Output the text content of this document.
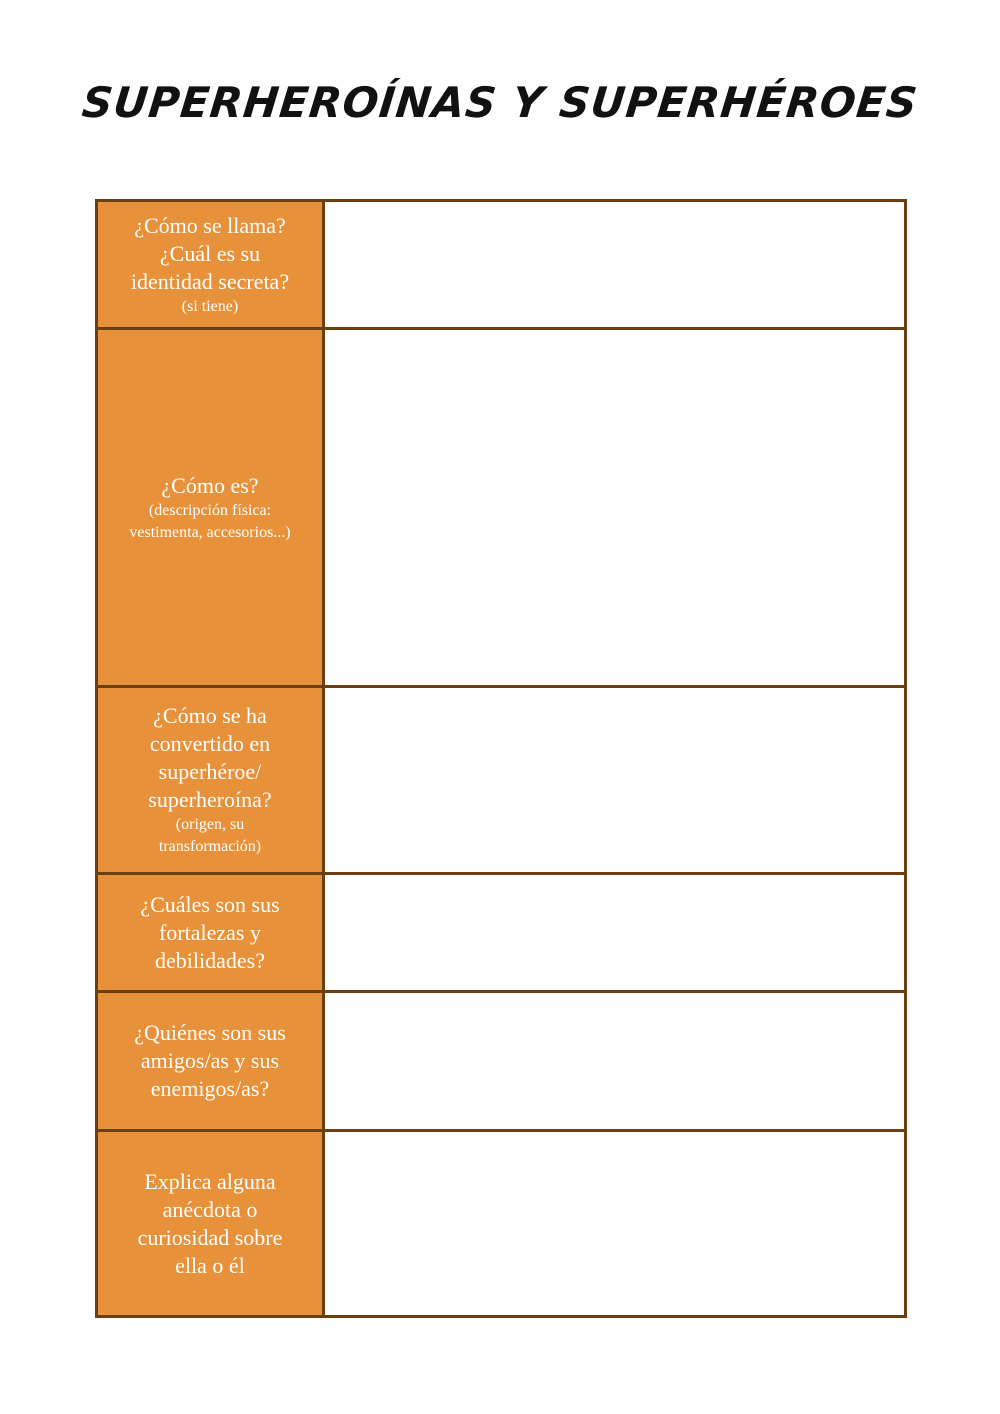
SUPERHEROÍNAS Y SUPERHÉROES
¿Cómo se llama?
¿Cuál es su
identidad secreta?
(si tiene)
¿Cómo es?
(descripción física:
vestimenta, accesorios...)
¿Cómo se ha
convertido en
superhéroe/
superheroína?
(origen, su
transformación)
¿Cuáles son sus
fortalezas y
debilidades?
¿Quiénes son sus
amigos/as y sus
enemigos/as?
Explica alguna
anécdota o
curiosidad sobre
ella o él
